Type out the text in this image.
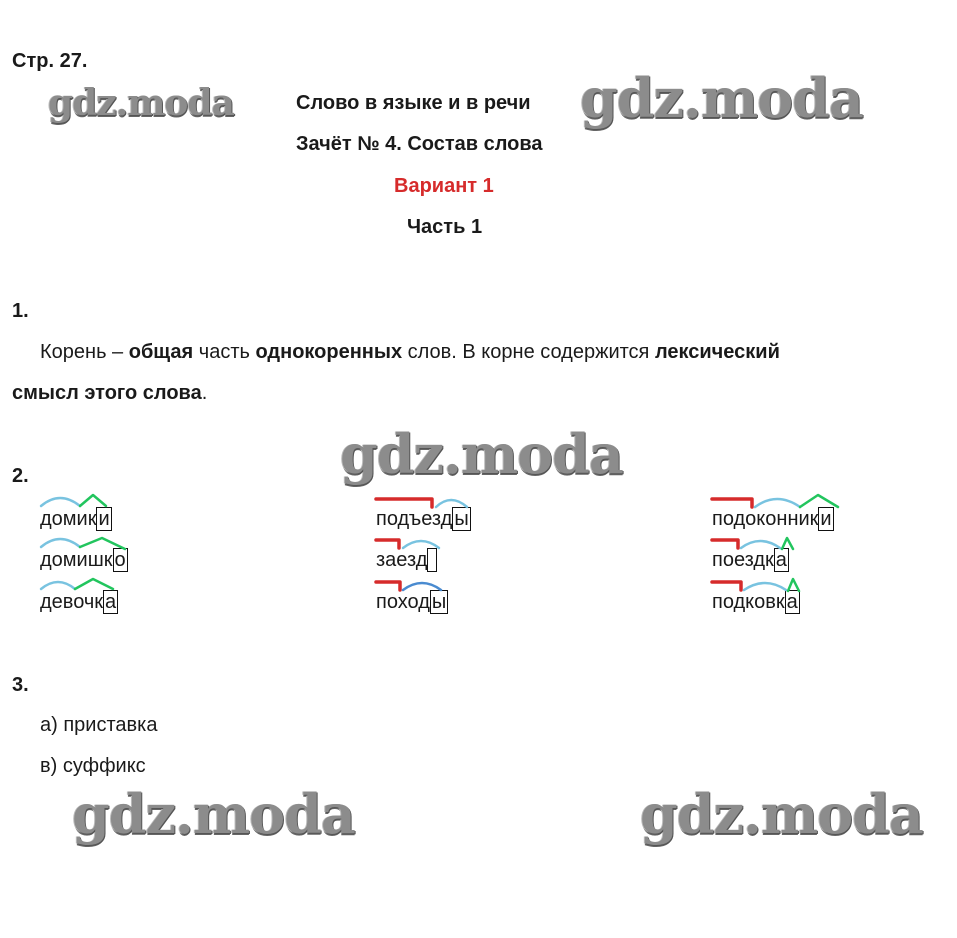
Стр. 27.
Слово в языке и в речи
Зачёт № 4. Состав слова
Вариант 1
Часть 1
gdz.moda	gdz.moda
gdz.moda
gdz.moda	gdz.moda
1.
Корень – общая часть однокоренных слов. В корне содержится лексический
смысл этого слова.
2.
домик и
домишк о
девочк а
подъезд ы
заезд
поход ы
подоконник и
поездк а
подковк а
3.
а) приставка
в) суффикс
